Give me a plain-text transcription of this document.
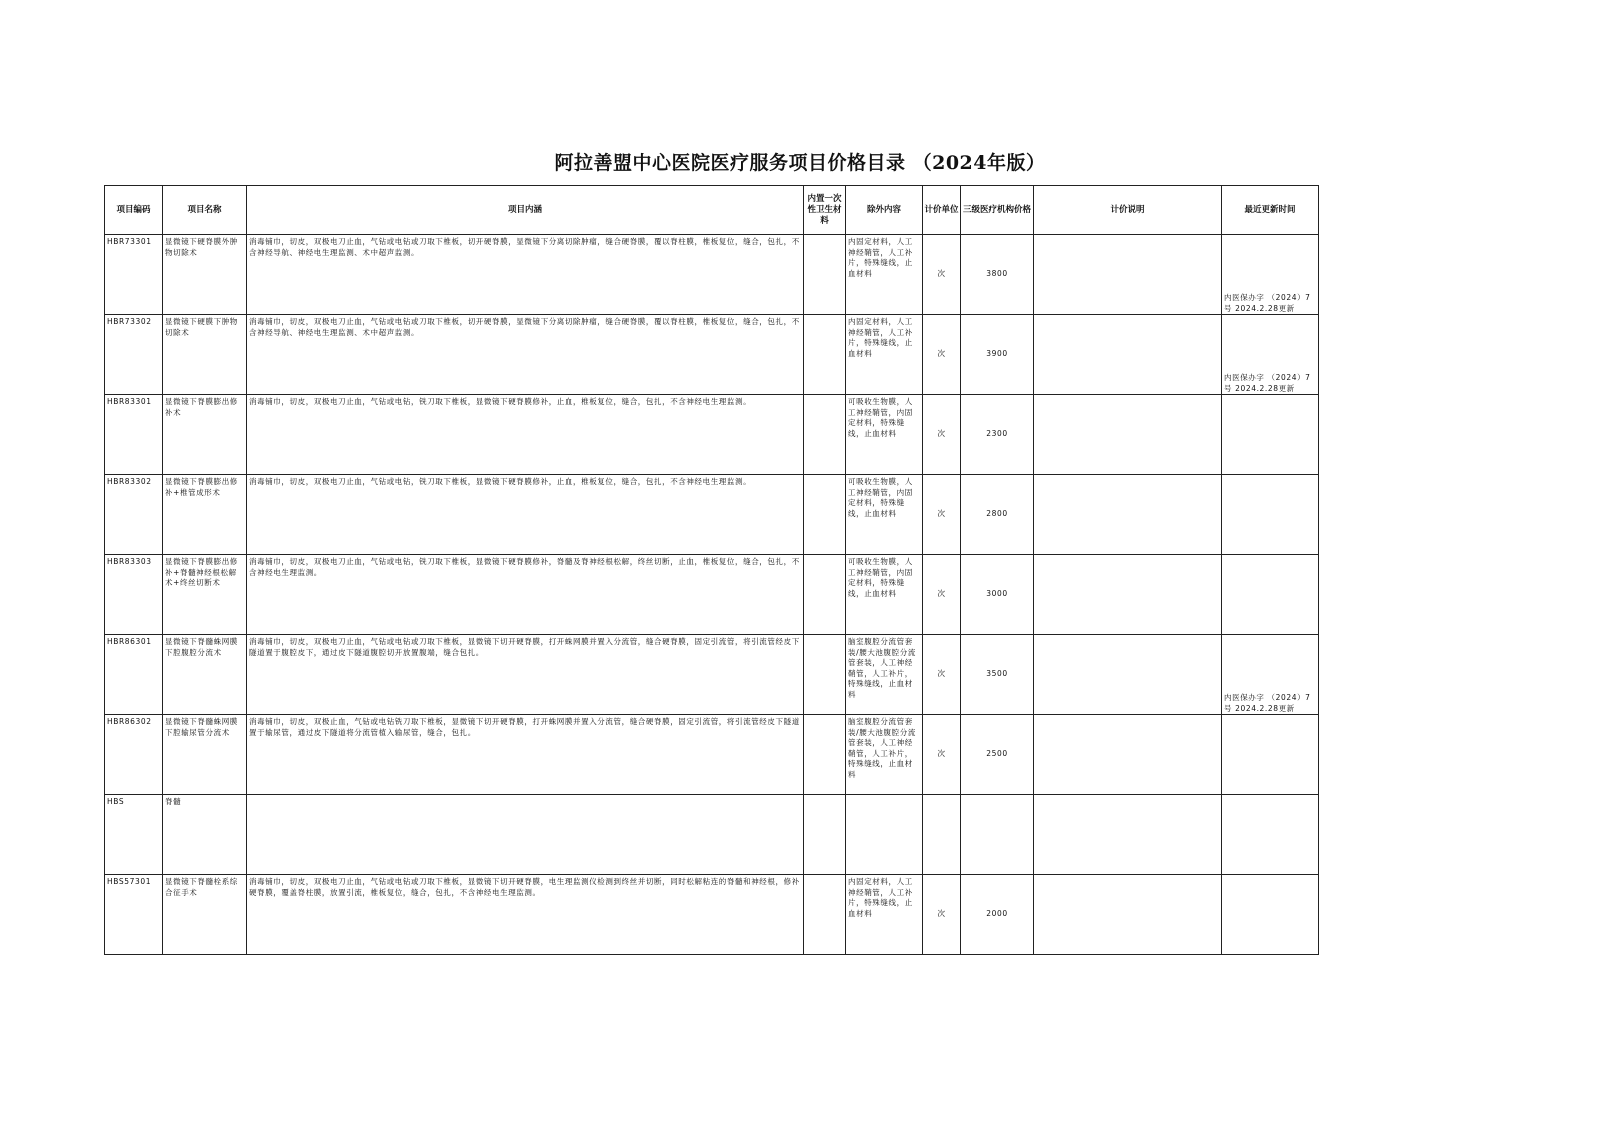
阿拉善盟中心医院医疗服务项目价格目录 （2024年版）
项目编码	项目名称	项目内涵	内置一次性卫生材料	除外内容	计价单位	三级医疗机构价格	计价说明	最近更新时间
HBR73301	显微镜下硬脊膜外肿物切除术	消毒铺巾，切皮，双极电刀止血，气钻或电钻或刀取下椎板，切开硬脊膜，显微镜下分离切除肿瘤，缝合硬脊膜，覆以脊柱膜，椎板复位，缝合，包扎，不含神经导航、神经电生理监测、术中超声监测。		内固定材料，人工神经鞘管，人工补片，特殊缝线，止血材料	次	3800		内医保办字 （2024）7号 2024.2.28更新
HBR73302	显微镜下硬膜下肿物切除术	消毒铺巾，切皮，双极电刀止血，气钻或电钻或刀取下椎板，切开硬脊膜，显微镜下分离切除肿瘤，缝合硬脊膜，覆以脊柱膜，椎板复位，缝合，包扎，不含神经导航、神经电生理监测、术中超声监测。		内固定材料，人工神经鞘管，人工补片，特殊缝线，止血材料	次	3900		内医保办字 （2024）7号 2024.2.28更新
HBR83301	显微镜下脊膜膨出修补术	消毒铺巾，切皮，双极电刀止血，气钻或电钻，铣刀取下椎板，显微镜下硬脊膜修补，止血，椎板复位，缝合，包扎，不含神经电生理监测。		可吸收生物膜，人工神经鞘管，内固定材料，特殊缝线，止血材料	次	2300		
HBR83302	显微镜下脊膜膨出修补+椎管成形术	消毒铺巾，切皮，双极电刀止血，气钻或电钻，铣刀取下椎板，显微镜下硬脊膜修补，止血，椎板复位，缝合，包扎，不含神经电生理监测。		可吸收生物膜，人工神经鞘管，内固定材料，特殊缝线，止血材料	次	2800		
HBR83303	显微镜下脊膜膨出修补+脊髓神经根松解术+终丝切断术	消毒铺巾，切皮，双极电刀止血，气钻或电钻，铣刀取下椎板，显微镜下硬脊膜修补，脊髓及脊神经根松解，终丝切断，止血，椎板复位，缝合，包扎，不含神经电生理监测。		可吸收生物膜，人工神经鞘管，内固定材料，特殊缝线，止血材料	次	3000		
HBR86301	显微镜下脊髓蛛网膜下腔腹腔分流术	消毒铺巾，切皮，双极电刀止血，气钻或电钻或刀取下椎板，显微镜下切开硬脊膜，打开蛛网膜并置入分流管，缝合硬脊膜，固定引流管，将引流管经皮下隧道置于腹腔皮下，通过皮下隧道腹腔切开放置腹端，缝合包扎。		脑室腹腔分流管套装/腰大池腹腔分流管套装，人工神经鞘管，人工补片，特殊缝线，止血材料	次	3500		内医保办字 （2024）7号 2024.2.28更新
HBR86302	显微镜下脊髓蛛网膜下腔输尿管分流术	消毒铺巾，切皮，双极止血，气钻或电钻铣刀取下椎板，显微镜下切开硬脊膜，打开蛛网膜并置入分流管，缝合硬脊膜，固定引流管，将引流管经皮下隧道置于输尿管，通过皮下隧道将分流管植入输尿管，缝合，包扎。		脑室腹腔分流管套装/腰大池腹腔分流管套装，人工神经鞘管，人工补片，特殊缝线，止血材料	次	2500		
HBS	脊髓							
HBS57301	显微镜下脊髓栓系综合征手术	消毒铺巾，切皮，双极电刀止血，气钻或电钻或刀取下椎板，显微镜下切开硬脊膜，电生理监测仪检测到终丝并切断，同时松解粘连的脊髓和神经根，修补硬脊膜，覆盖脊柱膜，放置引流，椎板复位，缝合，包扎，不含神经电生理监测。		内固定材料，人工神经鞘管，人工补片，特殊缝线，止血材料	次	2000		
